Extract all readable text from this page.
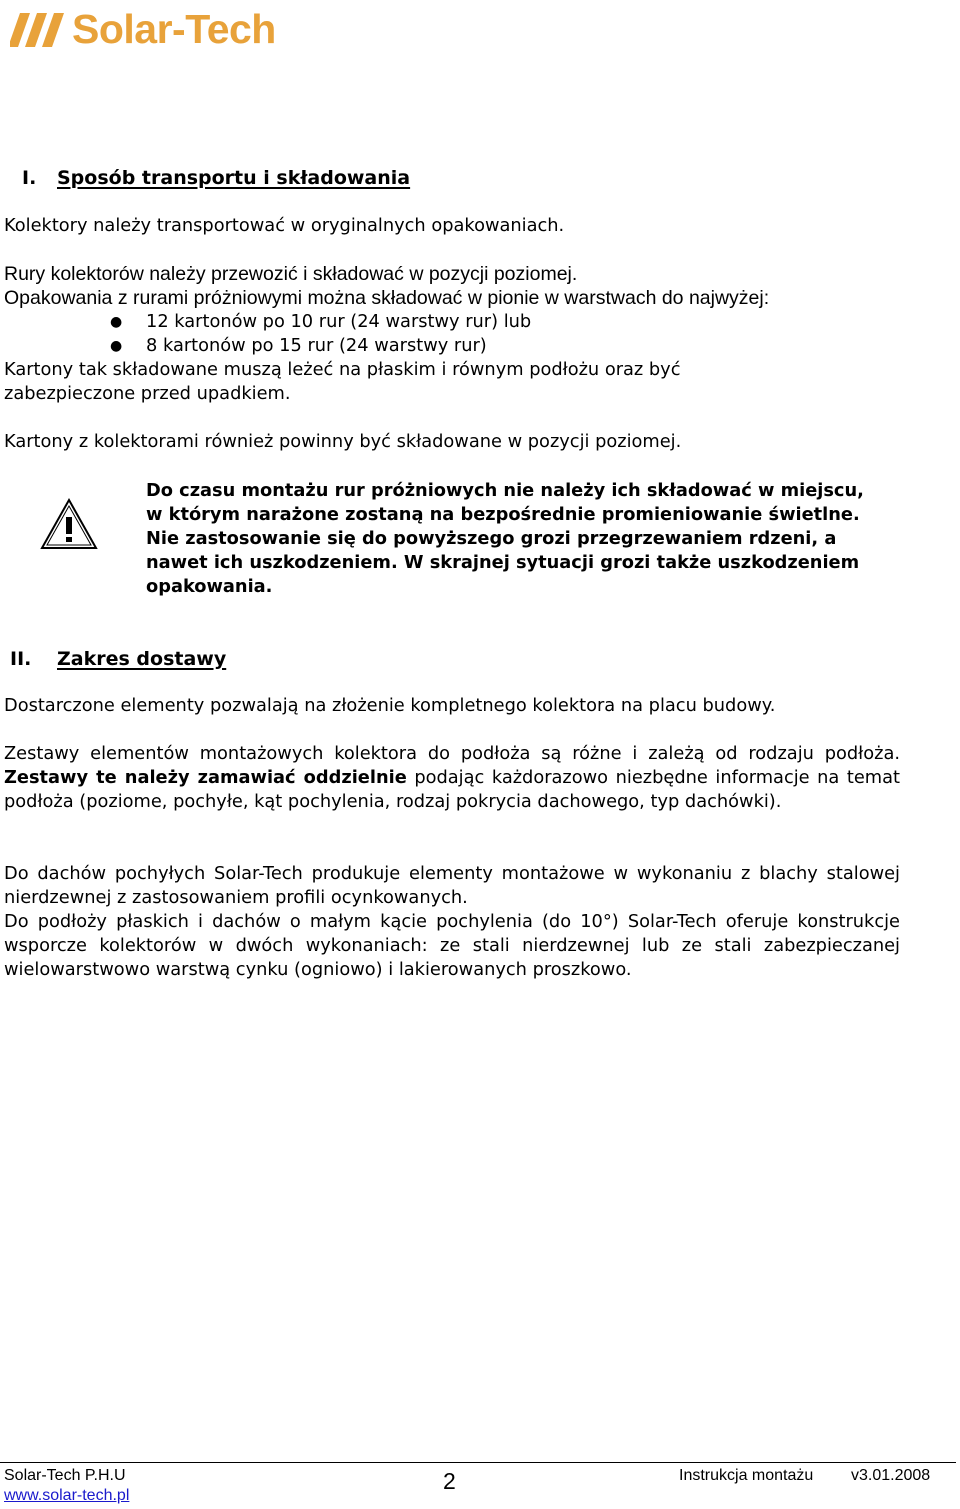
Solar-Tech
I. Sposób transportu i składowania
Kolektory należy transportować w oryginalnych opakowaniach.
Rury kolektorów należy przewozić i składować w pozycji poziomej.
Opakowania z rurami próżniowymi można składować w pionie w warstwach do najwyżej:
● 12 kartonów po 10 rur (24 warstwy rur) lub
● 8 kartonów po 15 rur (24 warstwy rur)
Kartony tak składowane muszą leżeć na płaskim i równym podłożu oraz być
zabezpieczone przed upadkiem.
Kartony z kolektorami również powinny być składowane w pozycji poziomej.
Do czasu montażu rur próżniowych nie należy ich składować w miejscu, w którym narażone zostaną na bezpośrednie promieniowanie świetlne. Nie zastosowanie się do powyższego grozi przegrzewaniem rdzeni, a nawet ich uszkodzeniem. W skrajnej sytuacji grozi także uszkodzeniem opakowania.
II. Zakres dostawy
Dostarczone elementy pozwalają na złożenie kompletnego kolektora na placu budowy.
Zestawy elementów montażowych kolektora do podłoża są różne i zależą od rodzaju podłoża. Zestawy te należy zamawiać oddzielnie podając każdorazowo niezbędne informacje na temat podłoża (poziome, pochyłe, kąt pochylenia, rodzaj pokrycia dachowego, typ dachówki).
Do dachów pochyłych Solar-Tech produkuje elementy montażowe w wykonaniu z blachy stalowej nierdzewnej z zastosowaniem profili ocynkowanych.
Do podłoży płaskich i dachów o małym kącie pochylenia (do 10°) Solar-Tech oferuje konstrukcje wsporcze kolektorów w dwóch wykonaniach: ze stali nierdzewnej lub ze stali zabezpieczanej wielowarstwowo warstwą cynku (ogniowo) i lakierowanych proszkowo.
Solar-Tech P.H.U
www.solar-tech.pl
2	Instrukcja montażu v3.01.2008
